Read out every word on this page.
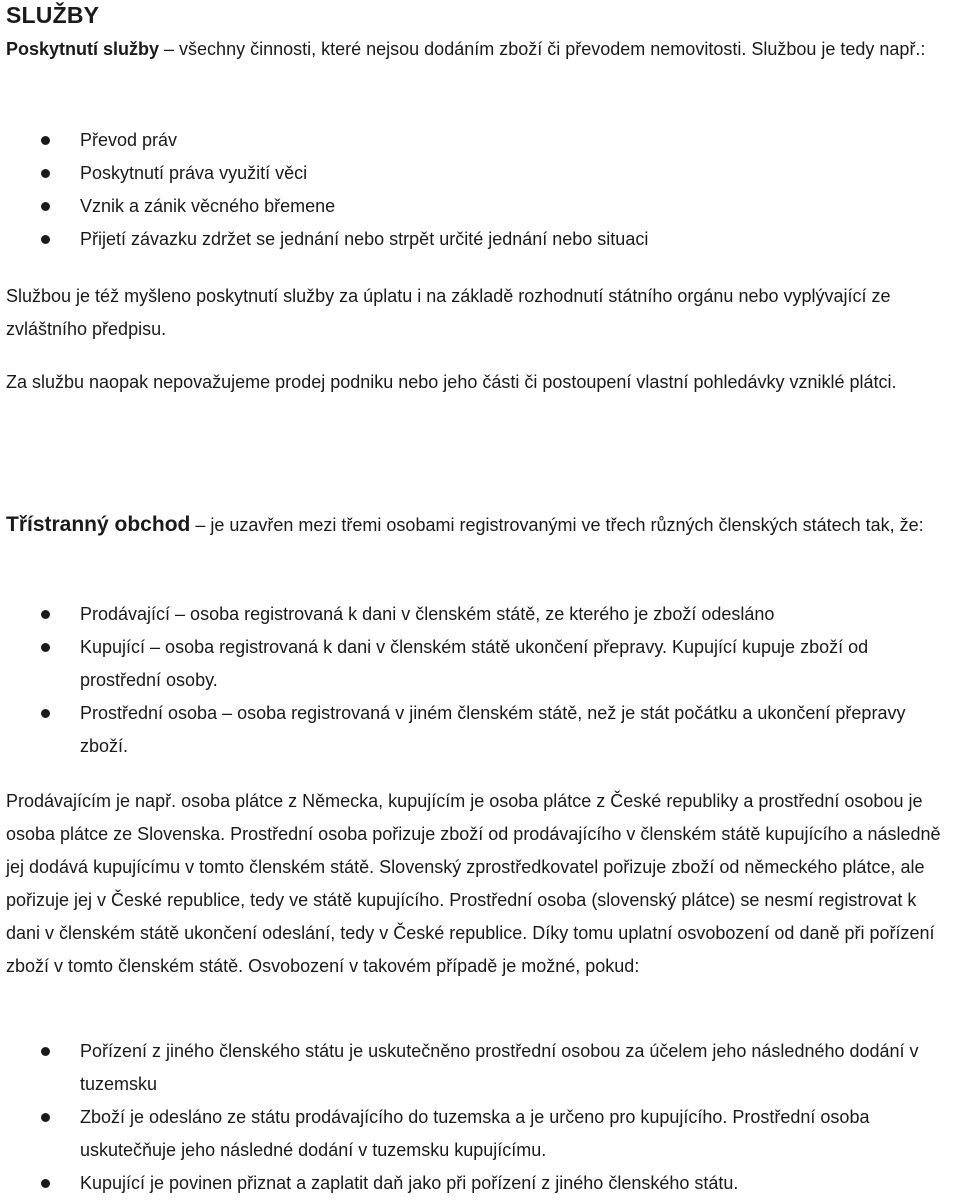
SLUŽBY

Poskytnutí služby – všechny činnosti, které nejsou dodáním zboží či převodem nemovitosti. Službou je tedy např.:

Převod práv
Poskytnutí práva využití věci
Vznik a zánik věcného břemene
Přijetí závazku zdržet se jednání nebo strpět určité jednání nebo situaci

Službou je též myšleno poskytnutí služby za úplatu i na základě rozhodnutí státního orgánu nebo vyplývající ze zvláštního předpisu.

Za službu naopak nepovažujeme prodej podniku nebo jeho části či postoupení vlastní pohledávky vzniklé plátci.

Třístranný obchod – je uzavřen mezi třemi osobami registrovanými ve třech různých členských státech tak, že:

Prodávající – osoba registrovaná k dani v členském státě, ze kterého je zboží odesláno
Kupující – osoba registrovaná k dani v členském státě ukončení přepravy. Kupující kupuje zboží od prostřední osoby.
Prostřední osoba – osoba registrovaná v jiném členském státě, než je stát počátku a ukončení přepravy zboží.

Prodávajícím je např. osoba plátce z Německa, kupujícím je osoba plátce z České republiky a prostřední osobou je osoba plátce ze Slovenska. Prostřední osoba pořizuje zboží od prodávajícího v členském státě kupujícího a následně jej dodává kupujícímu v tomto členském státě. Slovenský zprostředkovatel pořizuje zboží od německého plátce, ale pořizuje jej v České republice, tedy ve státě kupujícího. Prostřední osoba (slovenský plátce) se nesmí registrovat k dani v členském státě ukončení odeslání, tedy v České republice. Díky tomu uplatní osvobození od daně při pořízení zboží v tomto členském státě. Osvobození v takovém případě je možné, pokud:

Pořízení z jiného členského státu je uskutečněno prostřední osobou za účelem jeho následného dodání v tuzemsku
Zboží je odesláno ze státu prodávajícího do tuzemska a je určeno pro kupujícího. Prostřední osoba uskutečňuje jeho následné dodání v tuzemsku kupujícímu.
Kupující je povinen přiznat a zaplatit daň jako při pořízení z jiného členského státu.
